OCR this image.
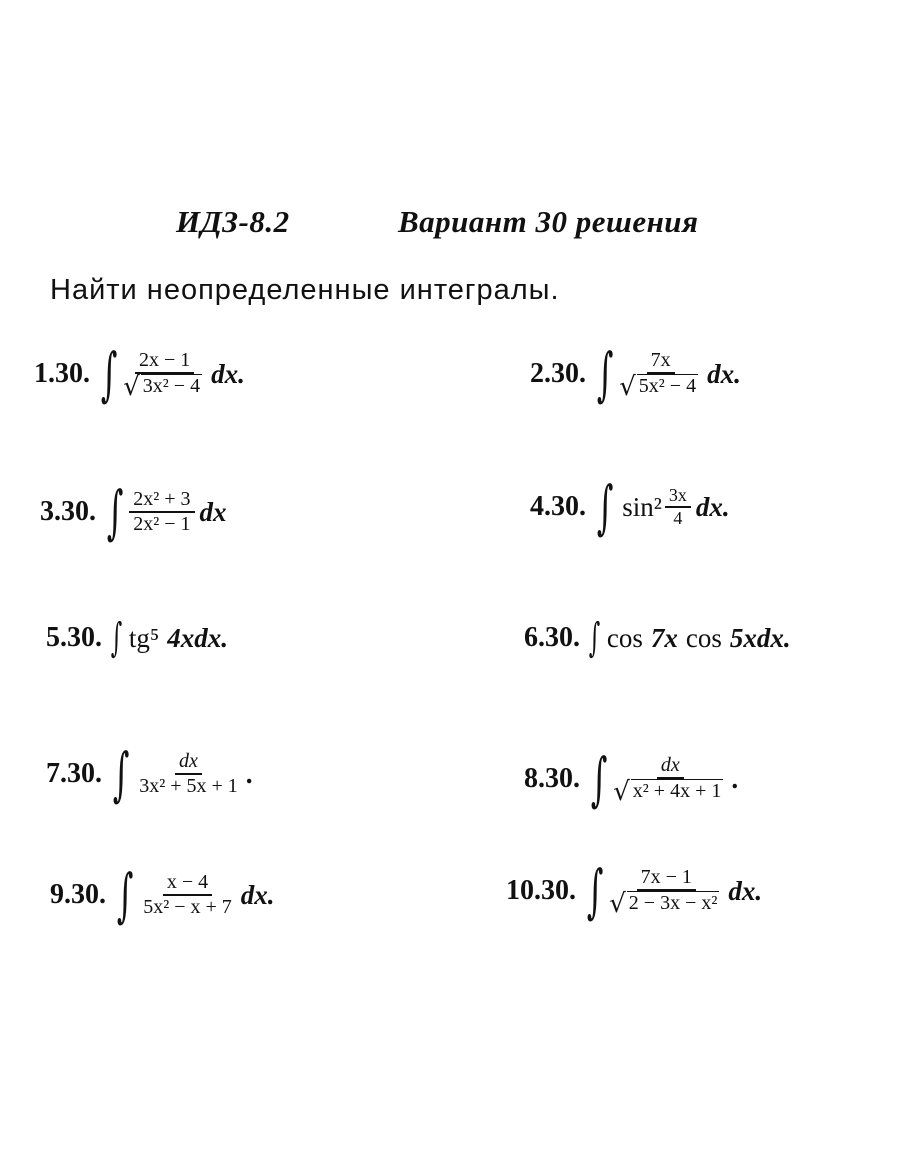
ИДЗ-8.2	Вариант 30 решения
Найти неопределенные интегралы.
1.30. ∫ $\frac{2x - 1}{\text{√ 3x² − 4}}$ dx.	2.30. ∫ $\frac{7x}{\text{√ 5x² − 4}}$ dx.
3.30. ∫ $\frac{\text{2x² + 3}}{\text{2x² − 1}}$ dx	4.30. ∫ $\sin^2 \frac{3x}{4}$ dx.
5.30. ∫ tg⁵ 4xdx.	6.30. ∫ cos 7x cos 5xdx.
7.30. ∫ $\frac{dx}{\text{3x² + 5x + 1}}$ .	8.30. ∫ $\frac{dx}{\text{√ x² + 4x + 1}}$ .
9.30. ∫ $\frac{x - 4}{\text{5x² − x + 7}}$ dx.	10.30. ∫ $\frac{7x - 1}{\text{√ 2 − 3x − x²}}$ dx.
